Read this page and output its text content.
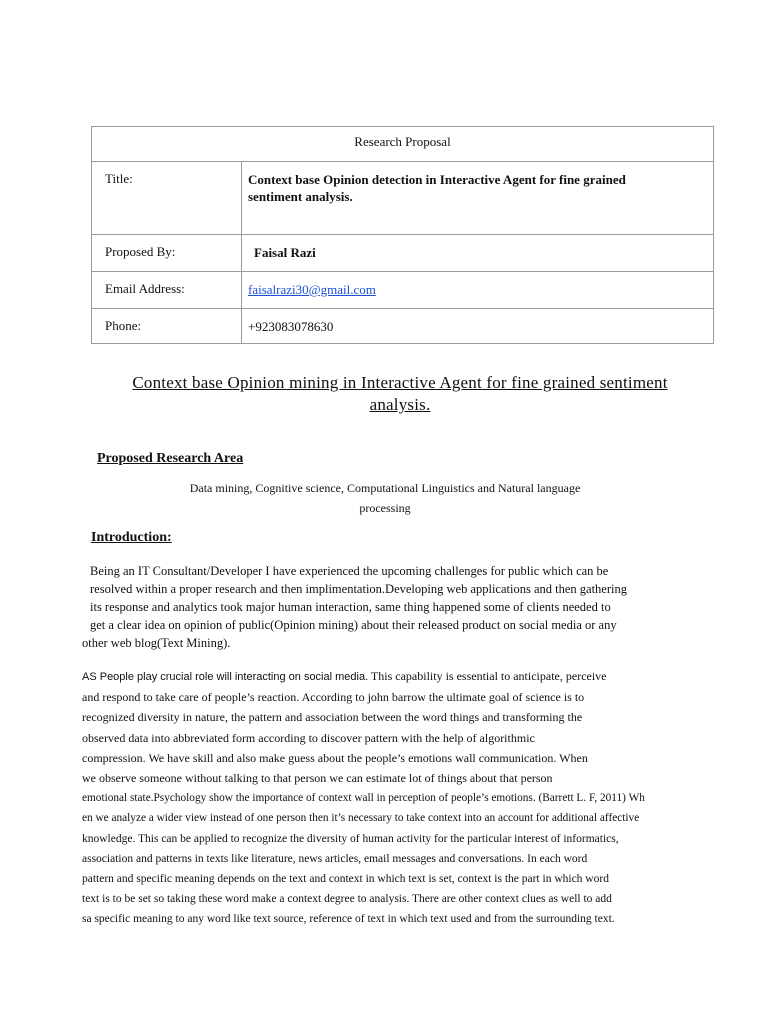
Research Proposal
Title:	Context base Opinion detection in Interactive Agent for fine grained sentiment analysis.
Proposed By:	Faisal Razi
Email Address:	faisalrazi30@gmail.com
Phone:	+923083078630
Context base Opinion mining in Interactive Agent for fine grained sentiment
analysis.
Proposed Research Area
Data mining, Cognitive science, Computational Linguistics and Natural language
processing
Introduction:
Being an IT Consultant/Developer I have experienced the upcoming challenges for public which can be
resolved within a proper research and then implimentation.Developing web applications and then gathering
its response and analytics took major human interaction, same thing happened some of clients needed to
get a clear idea on opinion of public(Opinion mining) about their released product on social media or any
other web blog(Text Mining).
AS People play crucial role will interacting on social media. This capability is essential to anticipate, perceive
and respond to take care of people’s reaction. According to john barrow the ultimate goal of science is to
recognized diversity in nature, the pattern and association between the word things and transforming the
observed data into abbreviated form according to discover pattern with the help of algorithmic
compression. We have skill and also make guess about the people’s emotions wall communication. When
we observe someone without talking to that person we can estimate lot of things about that person
emotional state.Psychology show the importance of context wall in perception of people’s emotions. (Barrett L. F, 2011) Wh
en we analyze a wider view instead of one person then it’s necessary to take context into an account for additional affective
knowledge. This can be applied to recognize the diversity of human activity for the particular interest of informatics,
association and patterns in texts like literature, news articles, email messages and conversations. In each word
pattern and specific meaning depends on the text and context in which text is set, context is the part in which word
text is to be set so taking these word make a context degree to analysis. There are other context clues as well to add
sa specific meaning to any word like text source, reference of text in which text used and from the surrounding text.
